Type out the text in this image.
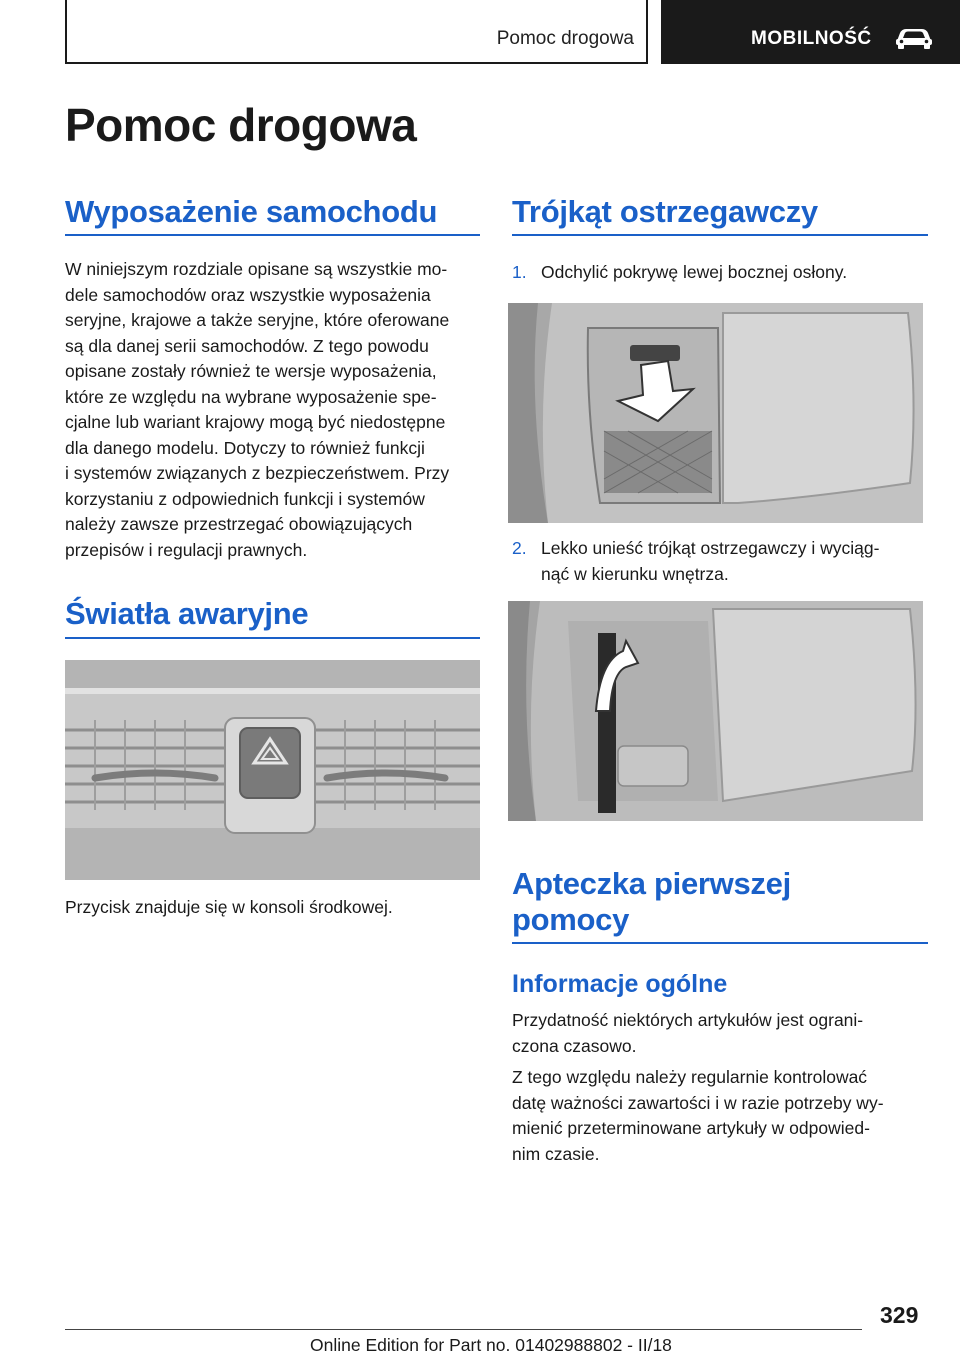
Pomoc drogowa	MOBILNOŚĆ
Pomoc drogowa
Wyposażenie samochodu

W niniejszym rozdziale opisane są wszystkie mo-

dele samochodów oraz wszystkie wyposażenia

seryjne, krajowe a także seryjne, które oferowane

są dla danej serii samochodów. Z tego powodu

opisane zostały również te wersje wyposażenia,

które ze względu na wybrane wyposażenie spe-

cjalne lub wariant krajowy mogą być niedostępne

dla danego modelu. Dotyczy to również funkcji

i systemów związanych z bezpieczeństwem. Przy

korzystaniu z odpowiednich funkcji i systemów

należy zawsze przestrzegać obowiązujących

przepisów i regulacji prawnych.

Światła awaryjne
Przycisk znajduje się w konsoli środkowej.
Trójkąt ostrzegawczy
1. Odchylić pokrywę lewej bocznej osłony.
2. Lekko unieść trójkąt ostrzegawczy i wyciąg-
nąć w kierunku wnętrza.
Apteczka pierwszej
pomocy
Informacje ogólne

Przydatność niektórych artykułów jest ograni-

czona czasowo.

Z tego względu należy regularnie kontrolować

datę ważności zawartości i w razie potrzeby wy-

mienić przeterminowane artykuły w odpowied-

nim czasie.

329
Online Edition for Part no. 01402988802 - II/18
